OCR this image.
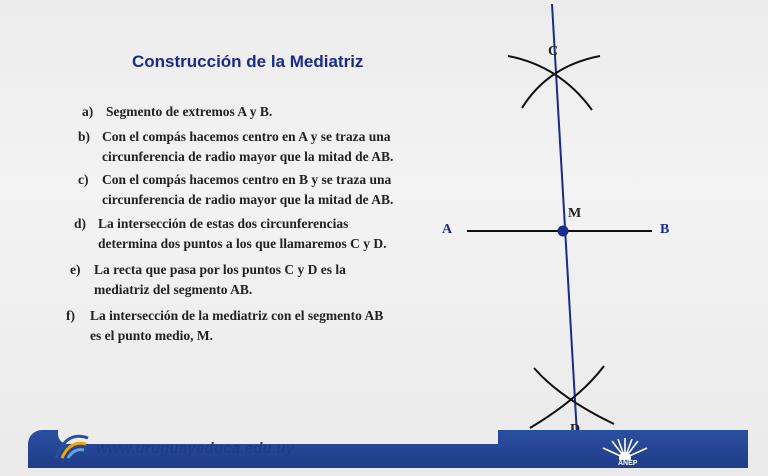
Construcción de la Mediatriz
a) Segmento de extremos A y B.
b) Con el compás hacemos centro en A y se traza una
circunferencia de radio mayor que la mitad de AB.
c) Con el compás hacemos centro en B y se traza una
circunferencia de radio mayor que la mitad de AB.
d) La intersección de estas dos circunferencias
determina dos puntos a los que llamaremos C y D.
e) La recta que pasa por los puntos C y D es la
mediatriz del segmento AB.
f) La intersección de la mediatriz con el segmento AB
es el punto medio, M.
C
M
A	B
www.uruguayeduca.edu.uy
ANEP
